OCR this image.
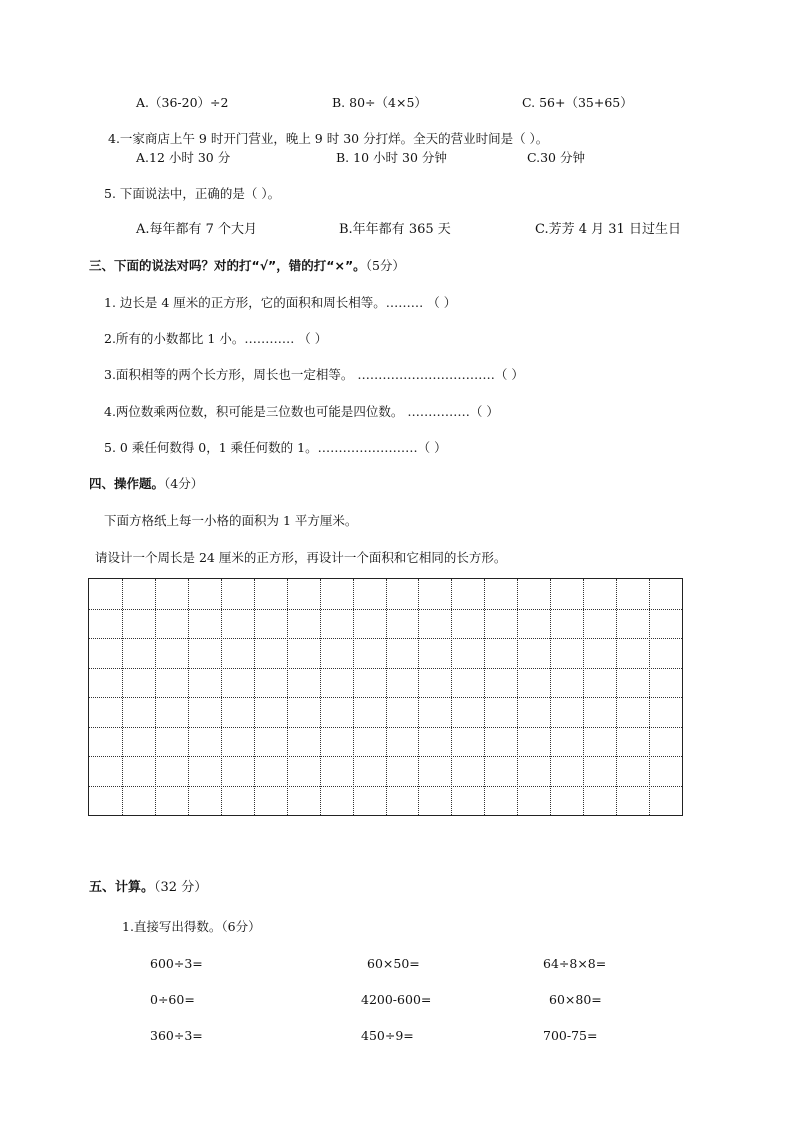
A.（36-20）÷2	B. 80÷（4×5）	C. 56+（35+65）
4.一家商店上午 9 时开门营业，晚上 9 时 30 分打烊。全天的营业时间是（ ）。
A.12 小时 30 分	B. 10 小时 30 分钟	C.30 分钟
5. 下面说法中，正确的是（ ）。
A.每年都有 7 个大月	B.年年都有 365 天	C.芳芳 4 月 31 日过生日
三、下面的说法对吗？对的打“√”，错的打“×”。（5分）
1. 边长是 4 厘米的正方形，它的面积和周长相等。……… （ ）
2.所有的小数都比 1 小。………… （ ）
3.面积相等的两个长方形，周长也一定相等。 ……………………………（ ）
4.两位数乘两位数，积可能是三位数也可能是四位数。 ……………（ ）
5. 0 乘任何数得 0，1 乘任何数的 1。……………………（ ）
四、操作题。（4分）
下面方格纸上每一小格的面积为 1 平方厘米。
请设计一个周长是 24 厘米的正方形，再设计一个面积和它相同的长方形。
五、计算。（32 分）
1.直接写出得数。（6分）
600÷3=	60×50=	64÷8×8=
0÷60=	4200-600=	60×80=
360÷3=	450÷9=	700-75=
